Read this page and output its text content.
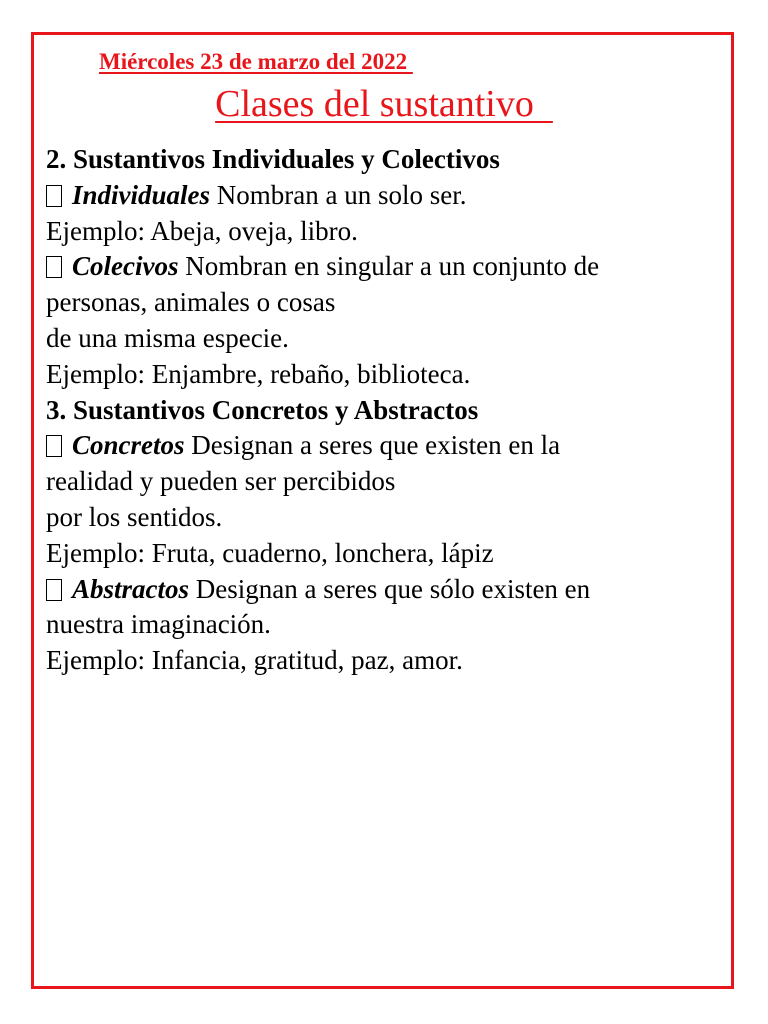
Miércoles 23 de marzo del 2022
Clases del sustantivo
2. Sustantivos Individuales y Colectivos
Individuales Nombran a un solo ser.
Ejemplo: Abeja, oveja, libro.
Colecivos Nombran en singular a un conjunto de
personas, animales o cosas
de una misma especie.
Ejemplo: Enjambre, rebaño, biblioteca.
3. Sustantivos Concretos y Abstractos
Concretos Designan a seres que existen en la
realidad y pueden ser percibidos
por los sentidos.
Ejemplo: Fruta, cuaderno, lonchera, lápiz
Abstractos Designan a seres que sólo existen en
nuestra imaginación.
Ejemplo: Infancia, gratitud, paz, amor.
